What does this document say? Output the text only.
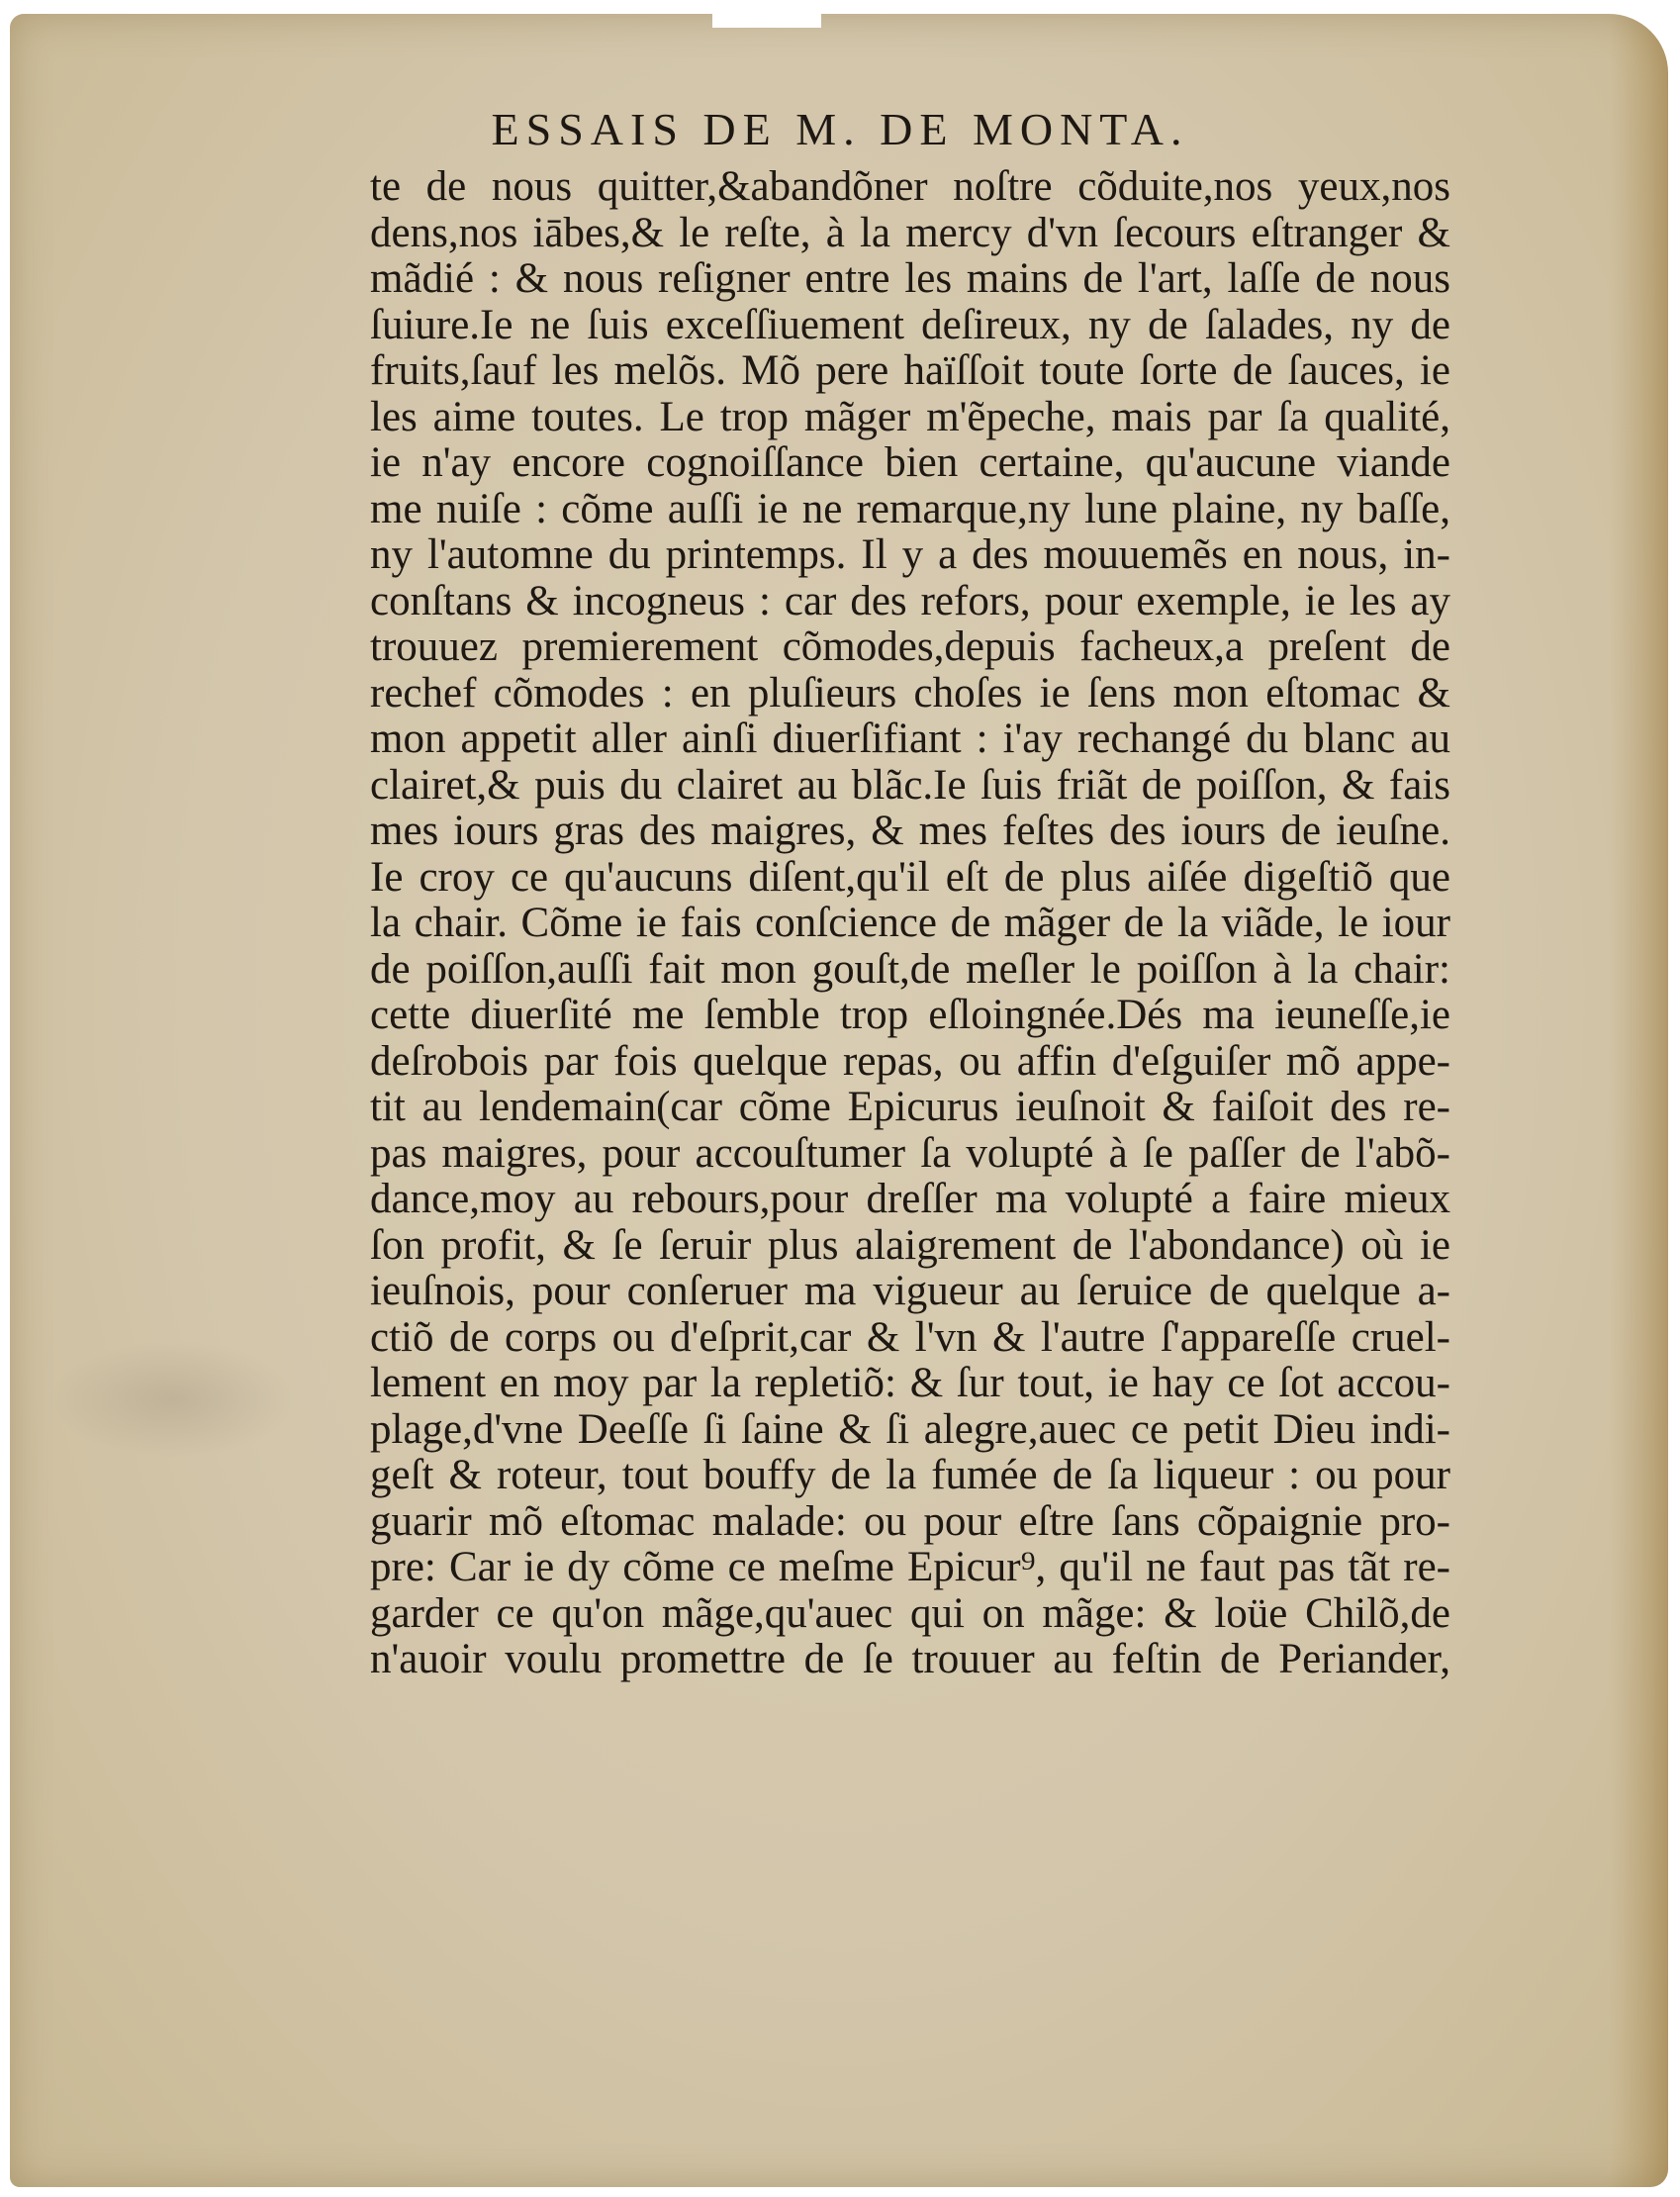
ESSAIS DE M. DE MONTA.
te de nous quitter,&abandõner noſtre cõduite,nos yeux,nos
dens,nos iābes,& le reſte, à la mercy d'vn ſecours eſtranger &
mãdié : & nous reſigner entre les mains de l'art, laſſe de nous
ſuiure.Ie ne ſuis exceſſiuement deſireux, ny de ſalades, ny de
fruits,ſauf les melõs. Mõ pere haïſſoit toute ſorte de ſauces, ie
les aime toutes. Le trop mãger m'ẽpeche, mais par ſa qualité,
ie n'ay encore cognoiſſance bien certaine, qu'aucune viande
me nuiſe : cõme auſſi ie ne remarque,ny lune plaine, ny baſſe,
ny l'automne du printemps. Il y a des mouuemẽs en nous, in-
conſtans & incogneus : car des refors, pour exemple, ie les ay
trouuez premierement cõmodes,depuis facheux,a preſent de
rechef cõmodes : en pluſieurs choſes ie ſens mon eſtomac &
mon appetit aller ainſi diuerſifiant : i'ay rechangé du blanc au
clairet,& puis du clairet au blãc.Ie ſuis friãt de poiſſon, & fais
mes iours gras des maigres, & mes feſtes des iours de ieuſne.
Ie croy ce qu'aucuns diſent,qu'il eſt de plus aiſée digeſtiõ que
la chair. Cõme ie fais conſcience de mãger de la viãde, le iour
de poiſſon,auſſi fait mon gouſt,de meſler le poiſſon à la chair:
cette diuerſité me ſemble trop eſloingnée.Dés ma ieuneſſe,ie
deſrobois par fois quelque repas, ou affin d'eſguiſer mõ appe-
tit au lendemain(car cõme Epicurus ieuſnoit & faiſoit des re-
pas maigres, pour accouſtumer ſa volupté à ſe paſſer de l'abõ-
dance,moy au rebours,pour dreſſer ma volupté a faire mieux
ſon profit, & ſe ſeruir plus alaigrement de l'abondance) où ie
ieuſnois, pour conſeruer ma vigueur au ſeruice de quelque a-
ctiõ de corps ou d'eſprit,car & l'vn & l'autre ſ'appareſſe cruel-
lement en moy par la repletiõ: & ſur tout, ie hay ce ſot accou-
plage,d'vne Deeſſe ſi ſaine & ſi alegre,auec ce petit Dieu indi-
geſt & roteur, tout bouffy de la fumée de ſa liqueur : ou pour
guarir mõ eſtomac malade: ou pour eſtre ſans cõpaignie pro-
pre: Car ie dy cõme ce meſme Epicur⁹, qu'il ne faut pas tãt re-
garder ce qu'on mãge,qu'auec qui on mãge: & loüe Chilõ,de
n'auoir voulu promettre de ſe trouuer au feſtin de Periander,
